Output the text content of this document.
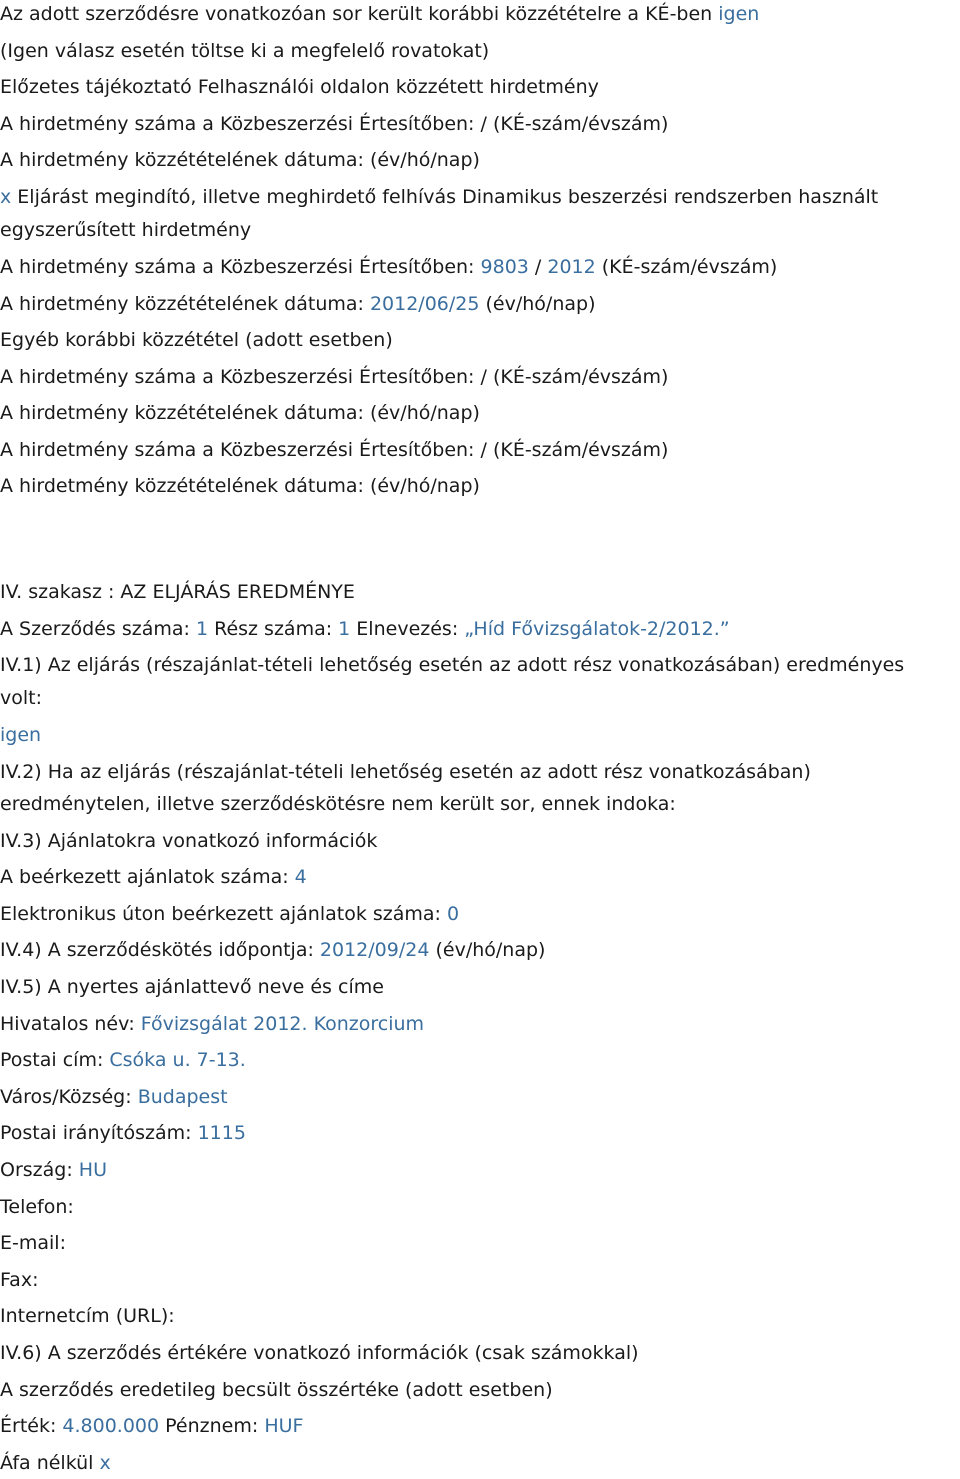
Az adott szerződésre vonatkozóan sor került korábbi közzétételre a KÉ-ben igen
(Igen válasz esetén töltse ki a megfelelő rovatokat)
Előzetes tájékoztató Felhasználói oldalon közzétett hirdetmény
A hirdetmény száma a Közbeszerzési Értesítőben: / (KÉ-szám/évszám)
A hirdetmény közzétételének dátuma: (év/hó/nap)
x Eljárást megindító, illetve meghirdető felhívás Dinamikus beszerzési rendszerben használt
egyszerűsített hirdetmény
A hirdetmény száma a Közbeszerzési Értesítőben: 9803 / 2012 (KÉ-szám/évszám)
A hirdetmény közzétételének dátuma: 2012/06/25 (év/hó/nap)
Egyéb korábbi közzététel (adott esetben)
A hirdetmény száma a Közbeszerzési Értesítőben: / (KÉ-szám/évszám)
A hirdetmény közzétételének dátuma: (év/hó/nap)
A hirdetmény száma a Közbeszerzési Értesítőben: / (KÉ-szám/évszám)
A hirdetmény közzétételének dátuma: (év/hó/nap)
IV. szakasz : AZ ELJÁRÁS EREDMÉNYE
A Szerződés száma: 1 Rész száma: 1 Elnevezés: „Híd Fővizsgálatok-2/2012.”
IV.1) Az eljárás (részajánlat-tételi lehetőség esetén az adott rész vonatkozásában) eredményes
volt:
igen
IV.2) Ha az eljárás (részajánlat-tételi lehetőség esetén az adott rész vonatkozásában)
eredménytelen, illetve szerződéskötésre nem került sor, ennek indoka:
IV.3) Ajánlatokra vonatkozó információk
A beérkezett ajánlatok száma: 4
Elektronikus úton beérkezett ajánlatok száma: 0
IV.4) A szerződéskötés időpontja: 2012/09/24 (év/hó/nap)
IV.5) A nyertes ajánlattevő neve és címe
Hivatalos név: Fővizsgálat 2012. Konzorcium
Postai cím: Csóka u. 7-13.
Város/Község: Budapest
Postai irányítószám: 1115
Ország: HU
Telefon:
E-mail:
Fax:
Internetcím (URL):
IV.6) A szerződés értékére vonatkozó információk (csak számokkal)
A szerződés eredetileg becsült összértéke (adott esetben)
Érték: 4.800.000 Pénznem: HUF
Áfa nélkül x
